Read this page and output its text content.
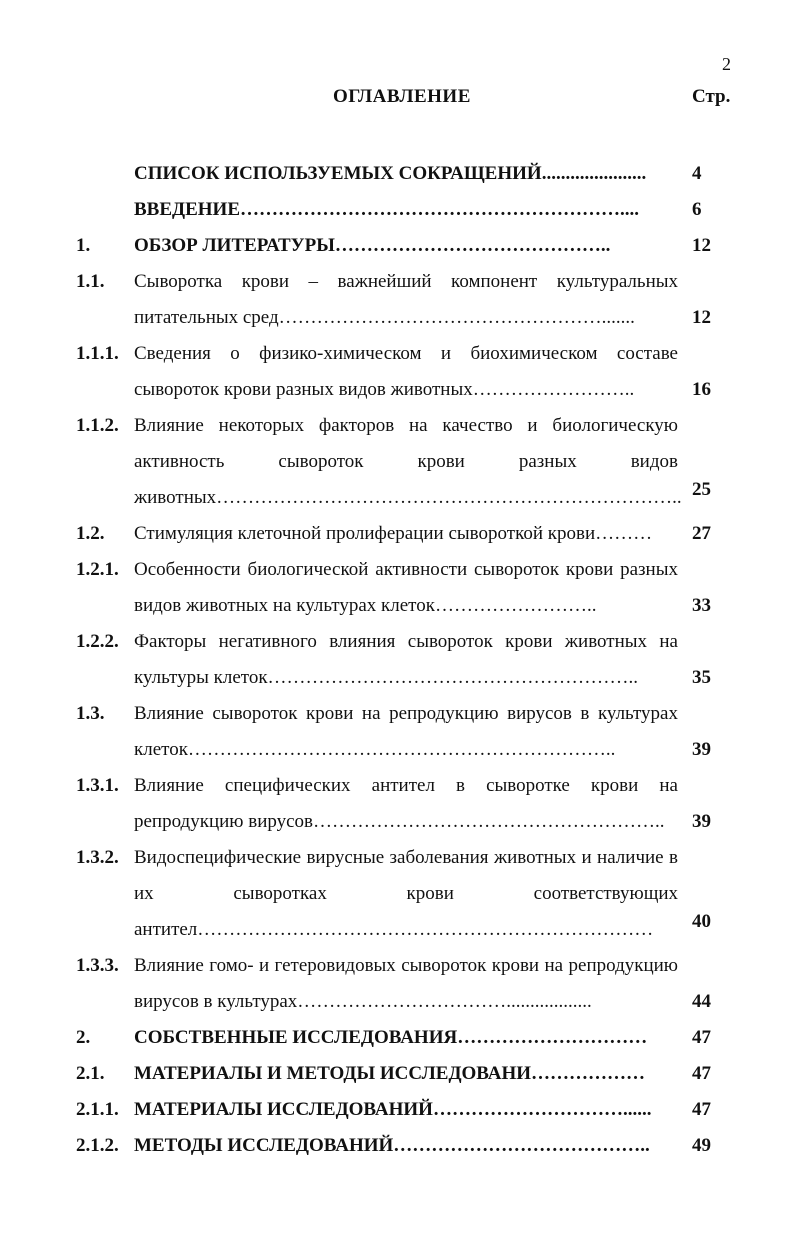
2
ОГЛАВЛЕНИЕ	Стр.
СПИСОК ИСПОЛЬЗУЕМЫХ СОКРАЩЕНИЙ......................	4
ВВЕДЕНИЕ……………………………………………………....	6
1. ОБЗОР ЛИТЕРАТУРЫ……………………………………..	12
1.1. Сыворотка крови – важнейший компонент культуральных питательных сред…………………………………………….......	12
1.1.1. Сведения о физико-химическом и биохимическом составе сывороток крови разных видов животных……………………..	16
1.1.2. Влияние некоторых факторов на качество и биологическую активность сывороток крови разных видов животных……………………………………………………………….. 25
1.2. Стимуляция клеточной пролиферации сывороткой крови………	27
1.2.1. Особенности биологической активности сывороток крови разных видов животных на культурах клеток……………………..	33
1.2.2. Факторы негативного влияния сывороток крови животных на культуры клеток…………………………………………………..	35
1.3. Влияние сывороток крови на репродукцию вирусов в культурах клеток…………………………………………………………..	39
1.3.1. Влияние специфических антител в сыворотке крови на репродукцию вирусов………………………………………………..	39
1.3.2. Видоспецифические вирусные заболевания животных и наличие в их сыворотках крови соответствующих антител………………………………………………………………	40
1.3.3. Влияние гомо- и гетеровидовых сывороток крови на репродукцию вирусов в культурах……………………………..................	44
2. СОБСТВЕННЫЕ ИССЛЕДОВАНИЯ…………………………	47
2.1. МАТЕРИАЛЫ И МЕТОДЫ ИССЛЕДОВАНИ………………	47
2.1.1. МАТЕРИАЛЫ ИССЛЕДОВАНИЙ…………………………......	47
2.1.2. МЕТОДЫ ИССЛЕДОВАНИЙ…………………………………..	49
